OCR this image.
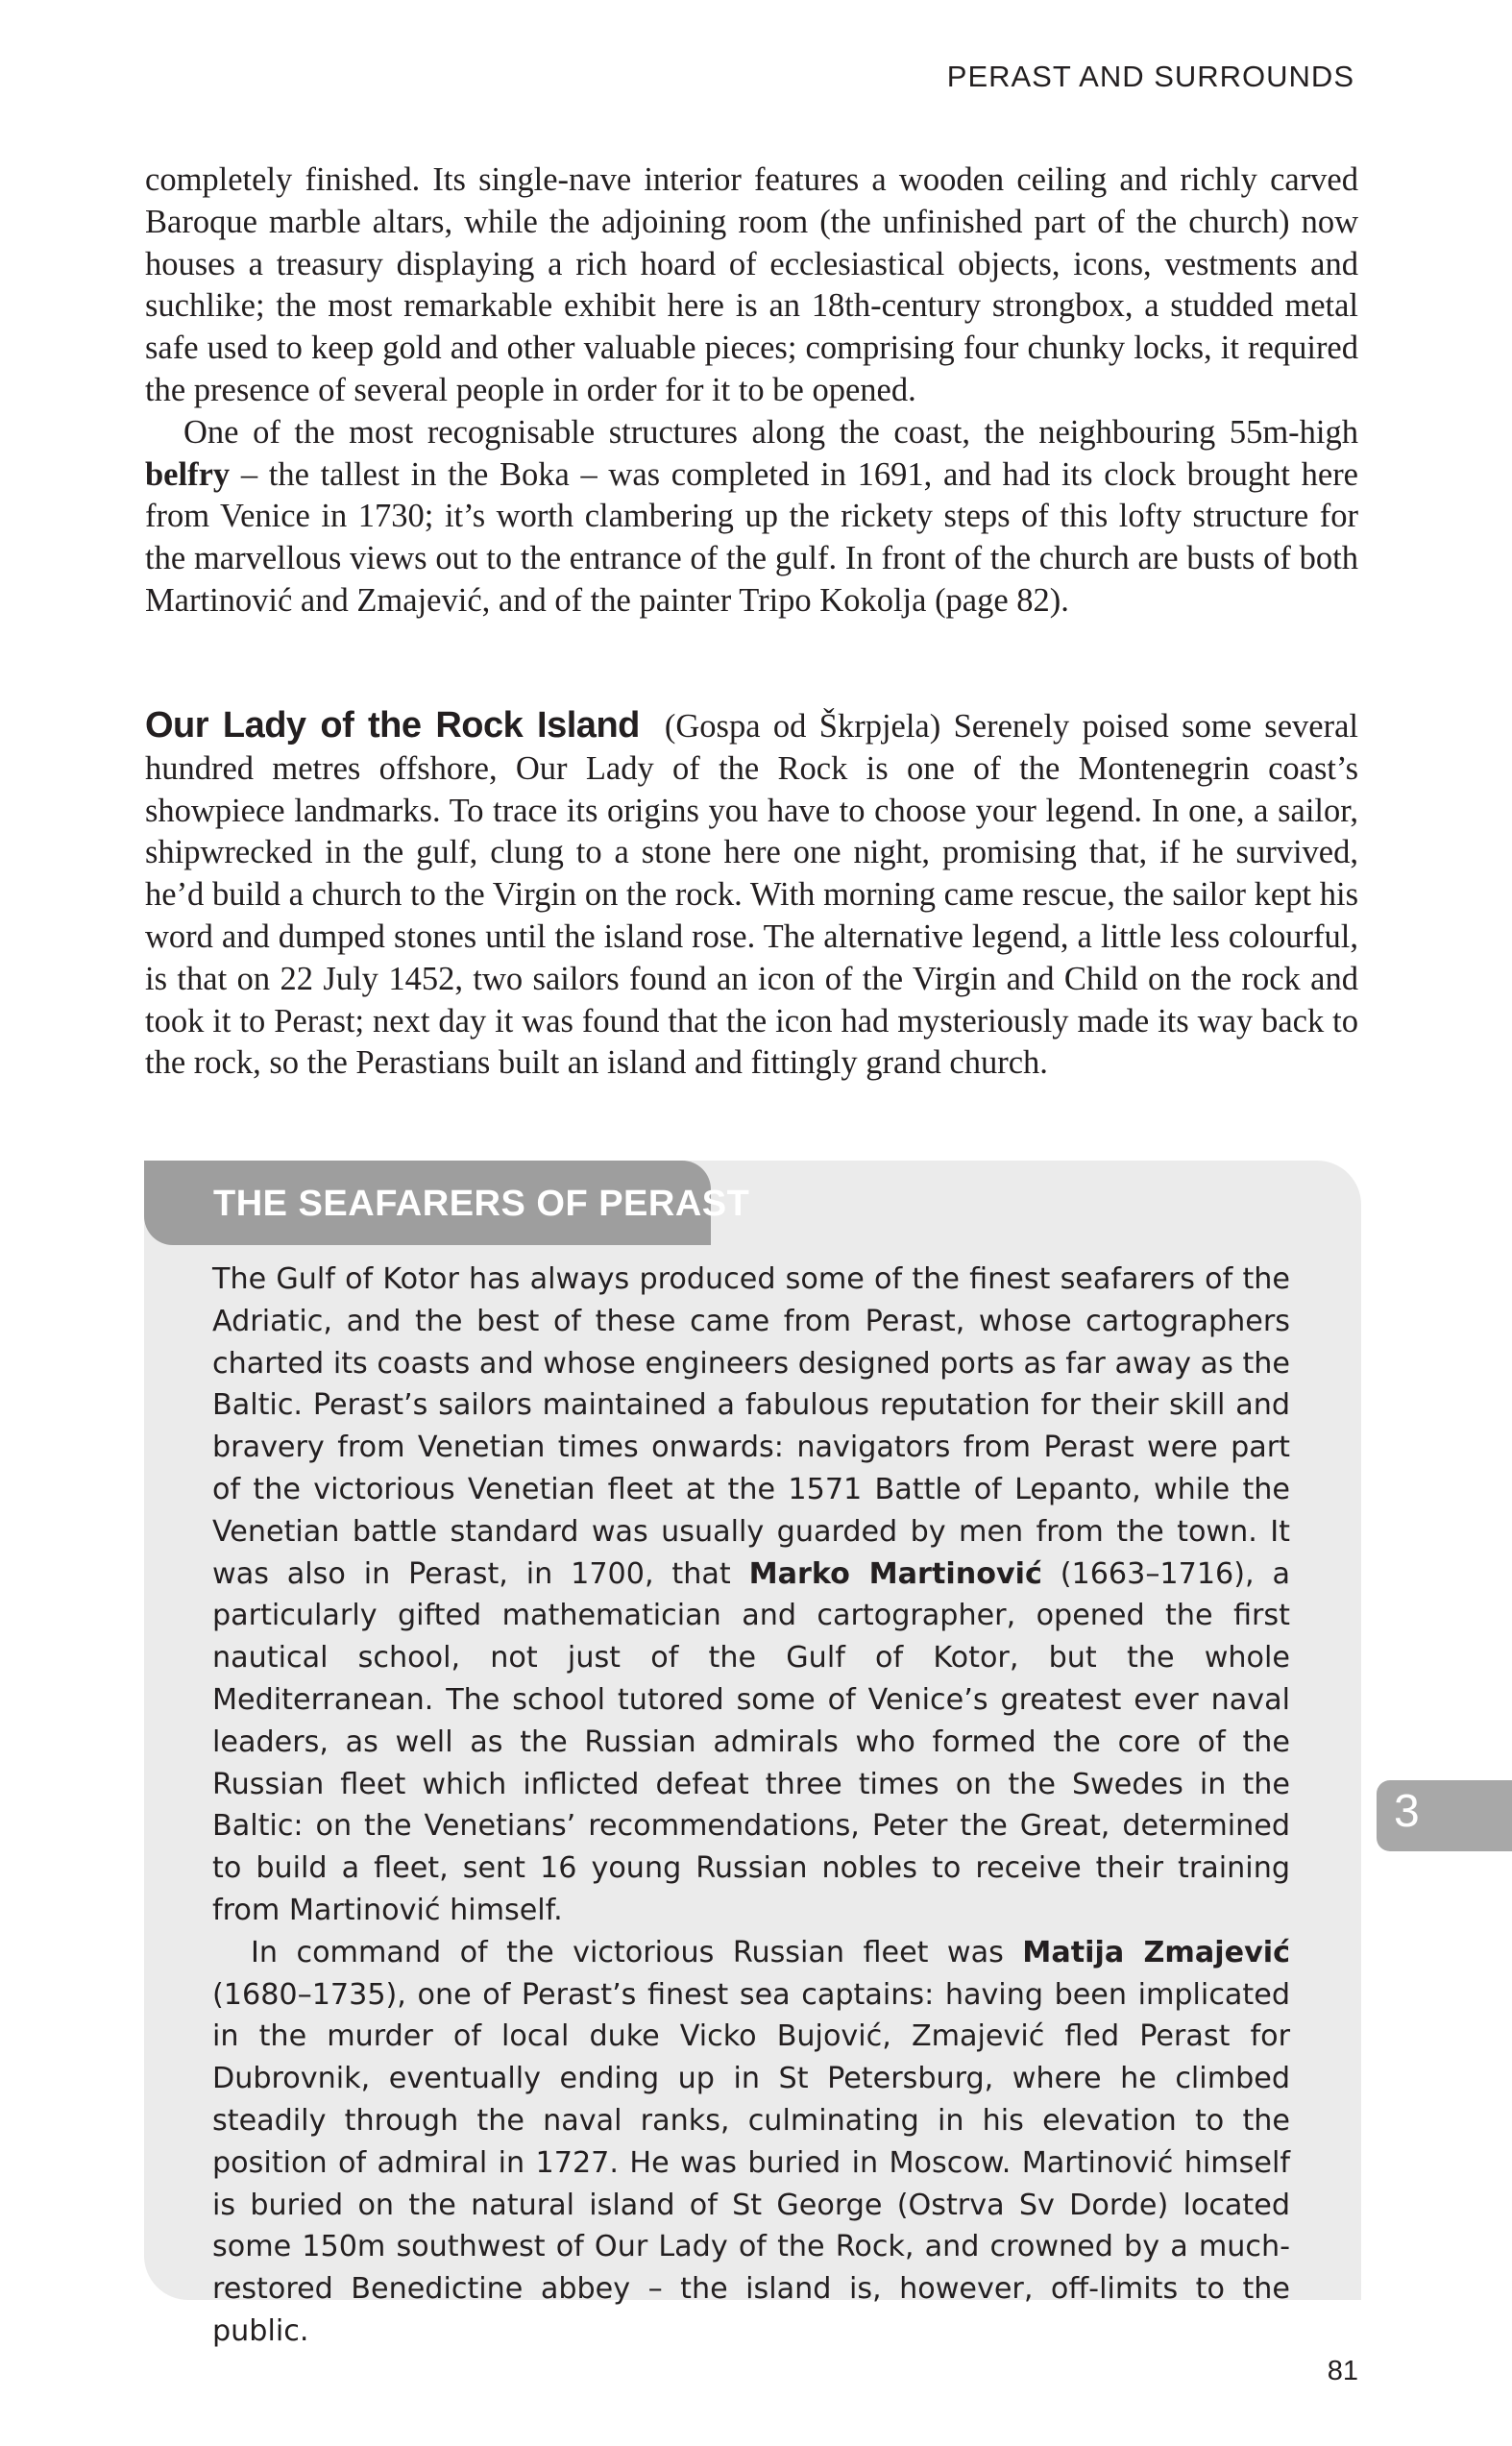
PERAST AND SURROUNDS

completely finished. Its single-nave interior features a wooden ceiling and richly carved Baroque marble altars, while the adjoining room (the unfinished part of the church) now houses a treasury displaying a rich hoard of ecclesiastical objects, icons, vestments and suchlike; the most remarkable exhibit here is an 18th-century strongbox, a studded metal safe used to keep gold and other valuable pieces; comprising four chunky locks, it required the presence of several people in order for it to be opened.

One of the most recognisable structures along the coast, the neighbouring 55m-high belfry – the tallest in the Boka – was completed in 1691, and had its clock brought here from Venice in 1730; it’s worth clambering up the rickety steps of this lofty structure for the marvellous views out to the entrance of the gulf. In front of the church are busts of both Martinović and Zmajević, and of the painter Tripo Kokolja (page 82).

Our Lady of the Rock Island (Gospa od Škrpjela) Serenely poised some several hundred metres offshore, Our Lady of the Rock is one of the Montenegrin coast’s showpiece landmarks. To trace its origins you have to choose your legend. In one, a sailor, shipwrecked in the gulf, clung to a stone here one night, promising that, if he survived, he’d build a church to the Virgin on the rock. With morning came rescue, the sailor kept his word and dumped stones until the island rose. The alternative legend, a little less colourful, is that on 22 July 1452, two sailors found an icon of the Virgin and Child on the rock and took it to Perast; next day it was found that the icon had mysteriously made its way back to the rock, so the Perastians built an island and fittingly grand church.

THE SEAFARERS OF PERAST

The Gulf of Kotor has always produced some of the finest seafarers of the Adriatic, and the best of these came from Perast, whose cartographers charted its coasts and whose engineers designed ports as far away as the Baltic. Perast’s sailors maintained a fabulous reputation for their skill and bravery from Venetian times onwards: navigators from Perast were part of the victorious Venetian fleet at the 1571 Battle of Lepanto, while the Venetian battle standard was usually guarded by men from the town. It was also in Perast, in 1700, that Marko Martinović (1663–1716), a particularly gifted mathematician and cartographer, opened the first nautical school, not just of the Gulf of Kotor, but the whole Mediterranean. The school tutored some of Venice’s greatest ever naval leaders, as well as the Russian admirals who formed the core of the Russian fleet which inflicted defeat three times on the Swedes in the Baltic: on the Venetians’ recommendations, Peter the Great, determined to build a fleet, sent 16 young Russian nobles to receive their training from Martinović himself.

In command of the victorious Russian fleet was Matija Zmajević (1680–1735), one of Perast’s finest sea captains: having been implicated in the murder of local duke Vicko Bujović, Zmajević fled Perast for Dubrovnik, eventually ending up in St Petersburg, where he climbed steadily through the naval ranks, culminating in his elevation to the position of admiral in 1727. He was buried in Moscow. Martinović himself is buried on the natural island of St George (Ostrva Sv Dorde) located some 150m southwest of Our Lady of the Rock, and crowned by a much-restored Benedictine abbey – the island is, however, off-limits to the public.

3
81
